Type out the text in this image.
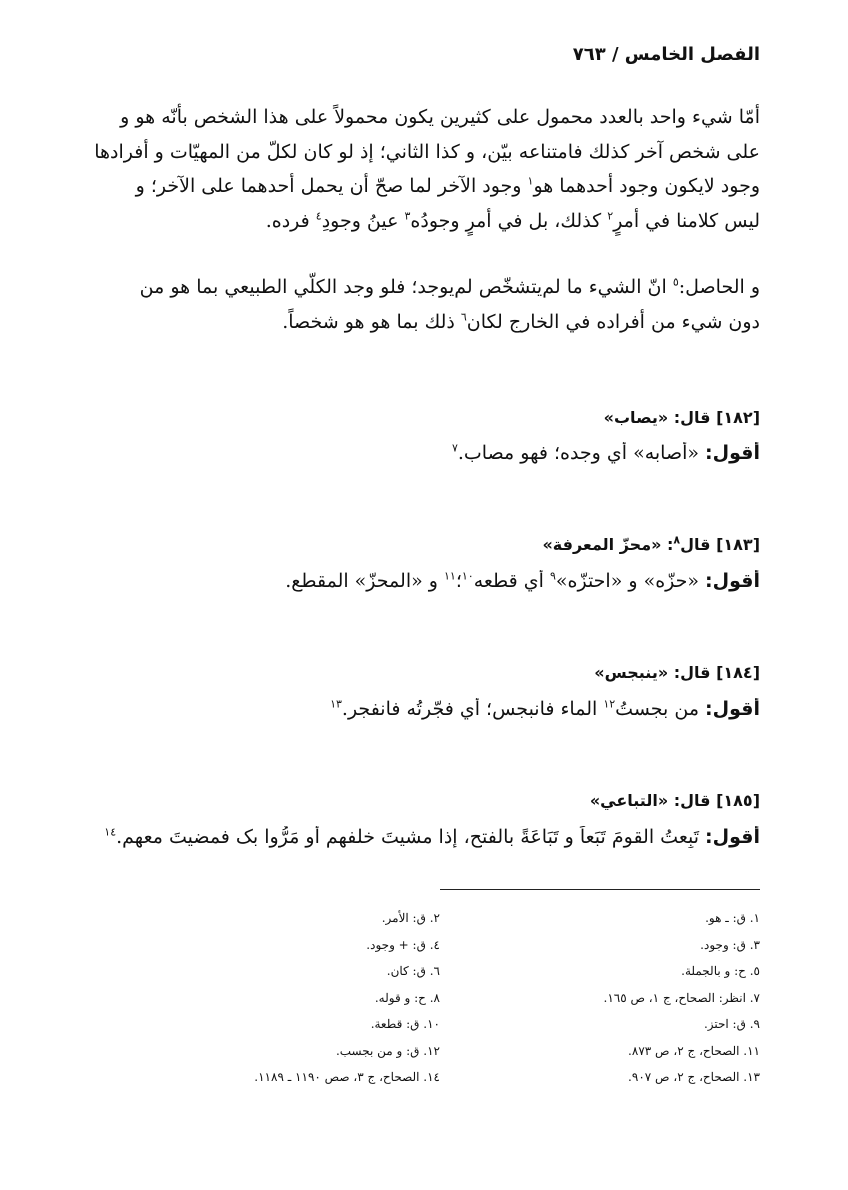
الفصل الخامس / ٧٦٣
أمّا شيء واحد بالعدد محمول على كثيرين يكون محمولاً على هذا الشخص بأنّه هو و
على شخص آخر كذلك فامتناعه بيّن، و كذا الثاني؛ إذ لو كان لكلّ من المهيّات و أفرادها
وجود لايكون وجود أحدهما هو$^١$ وجود الآخر لما صحّ أن يحمل أحدهما على الآخر؛ و
ليس كلامنا في أمرٍ$^٢$ كذلك، بل في أمرٍ وجودُه$^٣$ عينُ وجودِ$^٤$ فرده.
و الحاصل:$^٥$ انّ الشيء ما لم‌يتشخّص لم‌يوجد؛ فلو وجد الكلّي الطبيعي بما هو من
دون شيء من أفراده في الخارج لكان$^٦$ ذلك بما هو هو شخصاً.
[١٨٢] قال: «يصاب»
أقول: «أصابه» أي وجده؛ فهو مصاب.$^٧$
[١٨٣] قال$^٨$: «محزّ المعرفة»
أقول: «حزّه» و «احتزّه»$^٩$ أي قطعه$^{١٠}$؛$^{١١}$ و «المحزّ» المقطع.
[١٨٤] قال: «ينبجس»
أقول: من بجستُ$^{١٢}$ الماء فانبجس؛ أي فجّرتُه فانفجر.$^{١٣}$
[١٨٥] قال: «التباعي»
أقول: تَبِعتُ القومَ تَبَعاً و تَبَاعَةً بالفتح، إذا مشيتَ خلفهم أو مَرُّوا بک فمضيتَ معهم.$^{١٤}$
١. ق: ـ هو.
٣. ق: وجود.
٥. ح: و بالجملة.
٧. انظر: الصحاح، ج ١، ص ١٦٥.
٩. ق: احتز.
١١. الصحاح، ج ٢، ص ٨٧٣.
١٣. الصحاح، ج ٢، ص ٩٠٧.
٢. ق: الأمر.
٤. ق: + وجود.
٦. ق: كان.
٨. ح: و قوله.
١٠. ق: قطعة.
١٢. ق: و من بجسب.
١٤. الصحاح، ج ٣، صص ١١٩٠ ـ ١١٨٩.
